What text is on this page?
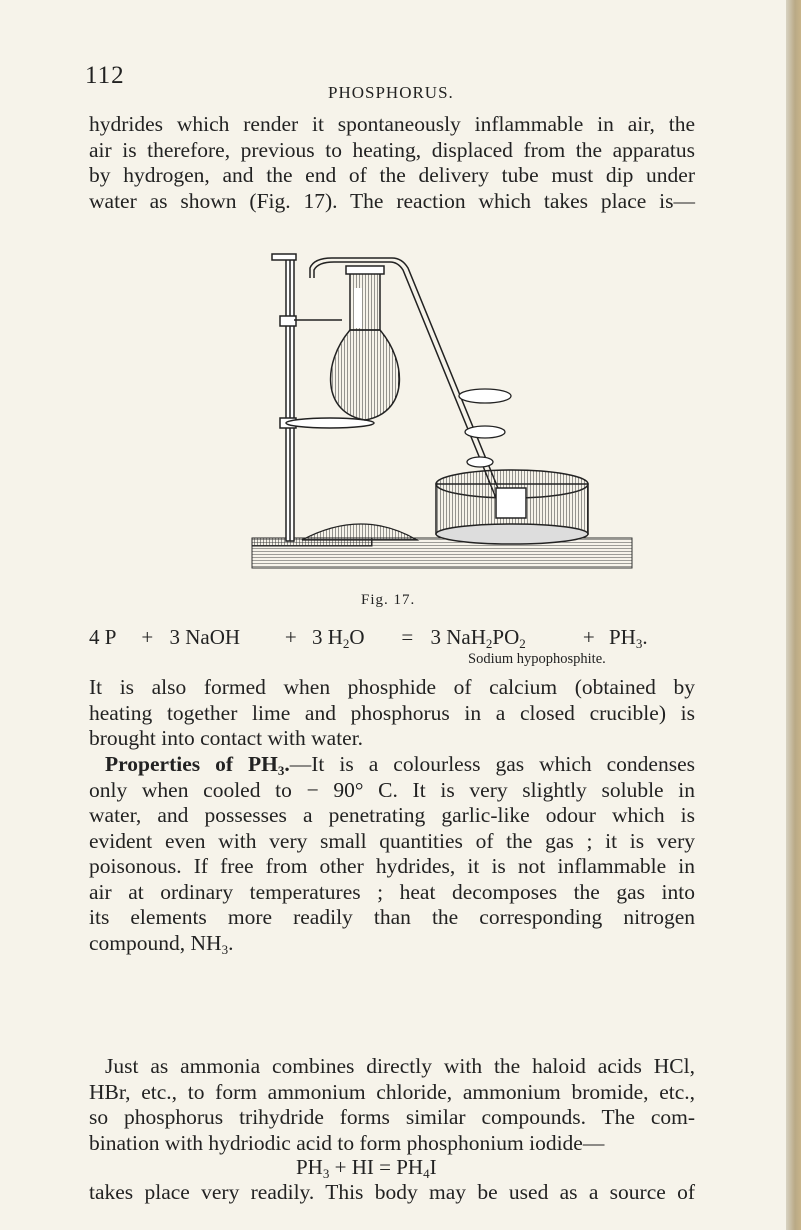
112
PHOSPHORUS.
hydrides which render it spontaneously inflammable in air, the
air is therefore, previous to heating, displaced from the apparatus
by hydrogen, and the end of the delivery tube must dip under
water as shown (Fig. 17). The reaction which takes place is—
Fig. 17.
4 P + 3 NaOH + 3 $H_2O = 3$ $NaH_2PO_2$	+ $PH_3$.
Sodium hypophosphite.
It is also formed when phosphide of calcium (obtained by
heating together lime and phosphorus in a closed crucible) is
brought into contact with water.
Properties of $PH_3.—It$ is a colourless gas which condenses
only when cooled to − 90° C. It is very slightly soluble in
water, and possesses a penetrating garlic-like odour which is
evident even with very small quantities of the gas ; it is very
poisonous. If free from other hydrides, it is not inflammable in
air at ordinary temperatures ; heat decomposes the gas into
its elements more readily than the corresponding nitrogen
compound, $NH_3$.
Just as ammonia combines directly with the haloid acids HCl,
HBr, etc., to form ammonium chloride, ammonium bromide, etc.,
so phosphorus trihydride forms similar compounds. The com-
bination with hydriodic acid to form phosphonium iodide—
$PH_3$ + HI = $PH_4I$
takes place very readily. This body may be used as a source of
